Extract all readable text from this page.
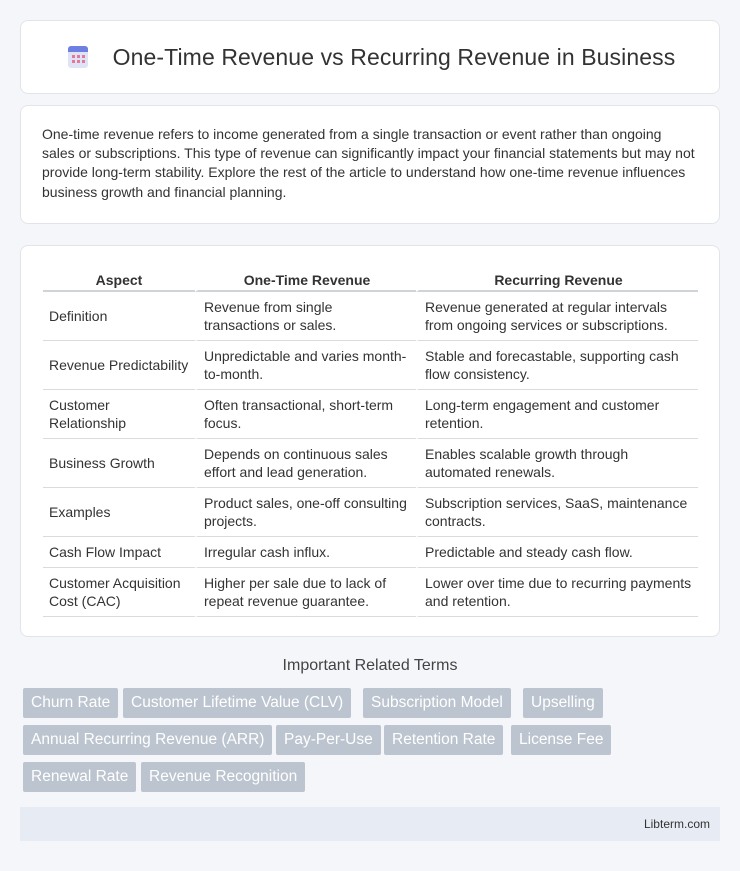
One-Time Revenue vs Recurring Revenue in Business

One-time revenue refers to income generated from a single transaction or event rather than ongoing sales or subscriptions. This type of revenue can significantly impact your financial statements but may not provide long-term stability. Explore the rest of the article to understand how one-time revenue influences business growth and financial planning.

Aspect	One-Time Revenue	Recurring Revenue
Definition	Revenue from single transactions or sales.	Revenue generated at regular intervals from ongoing services or subscriptions.
Revenue Predictability	Unpredictable and varies month-to-month.	Stable and forecastable, supporting cash flow consistency.
Customer Relationship	Often transactional, short-term focus.	Long-term engagement and customer retention.
Business Growth	Depends on continuous sales effort and lead generation.	Enables scalable growth through automated renewals.
Examples	Product sales, one-off consulting projects.	Subscription services, SaaS, maintenance contracts.
Cash Flow Impact	Irregular cash influx.	Predictable and steady cash flow.
Customer Acquisition Cost (CAC)	Higher per sale due to lack of repeat revenue guarantee.	Lower over time due to recurring payments and retention.
Important Related Terms
Churn Rate	Customer Lifetime Value (CLV)	Subscription Model	Upselling
Annual Recurring Revenue (ARR)	Pay-Per-Use	Retention Rate	License Fee
Renewal Rate	Revenue Recognition
Libterm.com
